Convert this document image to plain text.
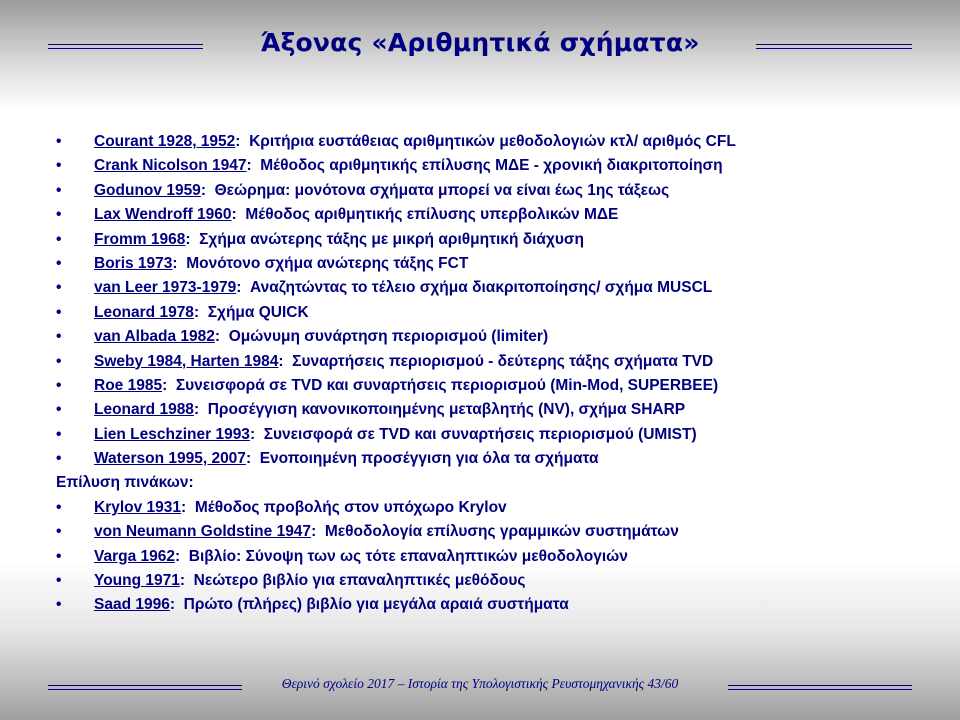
Άξονας «Αριθμητικά σχήματα»
• Courant 1928, 1952:  Κριτήρια ευστάθειας αριθμητικών μεθοδολογιών κτλ/ αριθμός CFL
• Crank Nicolson 1947:  Μέθοδος αριθμητικής επίλυσης ΜΔΕ - χρονική διακριτοποίηση
• Godunov 1959:  Θεώρημα: μονότονα σχήματα μπορεί να είναι έως 1ης τάξεως
• Lax Wendroff 1960:  Μέθοδος αριθμητικής επίλυσης υπερβολικών ΜΔΕ
• Fromm 1968:  Σχήμα ανώτερης τάξης με μικρή αριθμητική διάχυση
• Boris 1973:  Μονότονο σχήμα ανώτερης τάξης FCT
• van Leer 1973-1979:  Αναζητώντας το τέλειο σχήμα διακριτοποίησης/ σχήμα MUSCL
• Leonard 1978:  Σχήμα QUICK
• van Albada 1982:  Ομώνυμη συνάρτηση περιορισμού (limiter)
• Sweby 1984, Harten 1984:  Συναρτήσεις περιορισμού - δεύτερης τάξης σχήματα TVD
• Roe 1985:  Συνεισφορά σε TVD και συναρτήσεις περιορισμού (Min-Mod, SUPERBEE)
• Leonard 1988:  Προσέγγιση κανονικοποιημένης μεταβλητής (NV), σχήμα SHARP
• Lien Leschziner 1993:  Συνεισφορά σε TVD και συναρτήσεις περιορισμού (UMIST)
• Waterson 1995, 2007:  Ενοποιημένη προσέγγιση για όλα τα σχήματα
Επίλυση πινάκων:
• Krylov 1931:  Μέθοδος προβολής στον υπόχωρο Krylov
• von Neumann Goldstine 1947:  Μεθοδολογία επίλυσης γραμμικών συστημάτων
• Varga 1962:  Βιβλίο: Σύνοψη των ως τότε επαναληπτικών μεθοδολογιών
• Young 1971:  Νεώτερο βιβλίο για επαναληπτικές μεθόδους
• Saad 1996:  Πρώτο (πλήρες) βιβλίο για μεγάλα αραιά συστήματα
Θερινό σχολείο 2017 – Ιστορία της Υπολογιστικής Ρευστομηχανικής 43/60
